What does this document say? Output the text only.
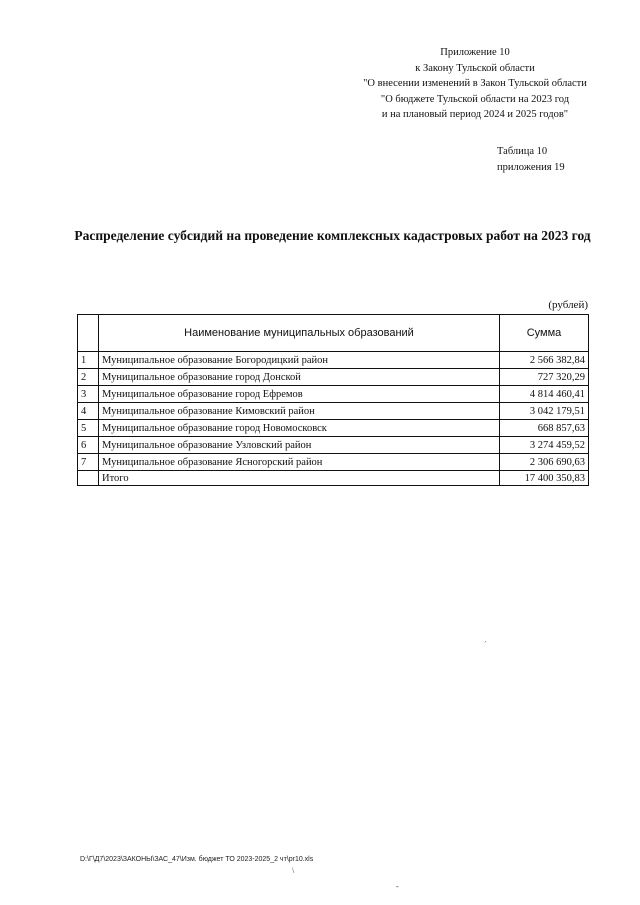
Приложение 10
к Закону Тульской области
"О внесении изменений в Закон Тульской области
"О бюджете Тульской области на 2023 год
и на плановый период 2024 и 2025 годов"
Таблица 10
приложения 19
Распределение субсидий на проведение комплексных кадастровых работ на 2023 год
(рублей)
	Наименование муниципальных образований	Сумма
1	Муниципальное образование Богородицкий район	2 566 382,84
2	Муниципальное образование город Донской	727 320,29
3	Муниципальное образование город Ефремов	4 814 460,41
4	Муниципальное образование Кимовский район	3 042 179,51
5	Муниципальное образование город Новомосковск	668 857,63
6	Муниципальное образование Узловский район	3 274 459,52
7	Муниципальное образование Ясногорский район	2 306 690,63
	Итого	17 400 350,83
´
D:\Г\Д7\2023\ЗАКОНЫ\ЗАС_47\Изм. бюджет ТО 2023-2025_2 чт\pr10.xls
\
-
